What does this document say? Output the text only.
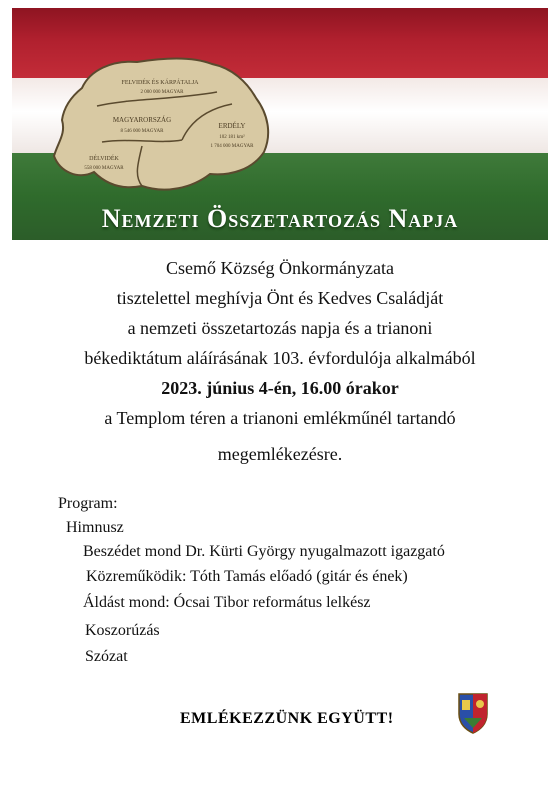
FELVIDÉK ÉS KÁRPÁTALJA
MAGYARORSZÁG
ERDÉLY
DÉLVIDÉK
2 000 000 MAGYAR
8 546 000 MAGYAR
102 181 km²
1 704 000 MAGYAR
558 000 MAGYAR
Nemzeti Összetartozás Napja
Csemő Község Önkormányzata
tisztelettel meghívja Önt és Kedves Családját
a nemzeti összetartozás napja és a trianoni
békediktátum aláírásának 103. évfordulója alkalmából
2023. június 4-én, 16.00 órakor
a Templom téren a trianoni emlékműnél tartandó
megemlékezésre.
Program:
Himnusz
Beszédet mond Dr. Kürti György nyugalmazott igazgató
Közreműködik: Tóth Tamás előadó (gitár és ének)
Áldást mond: Ócsai Tibor református lelkész
Koszorúzás
Szózat
EMLÉKEZZÜNK EGYÜTT!
